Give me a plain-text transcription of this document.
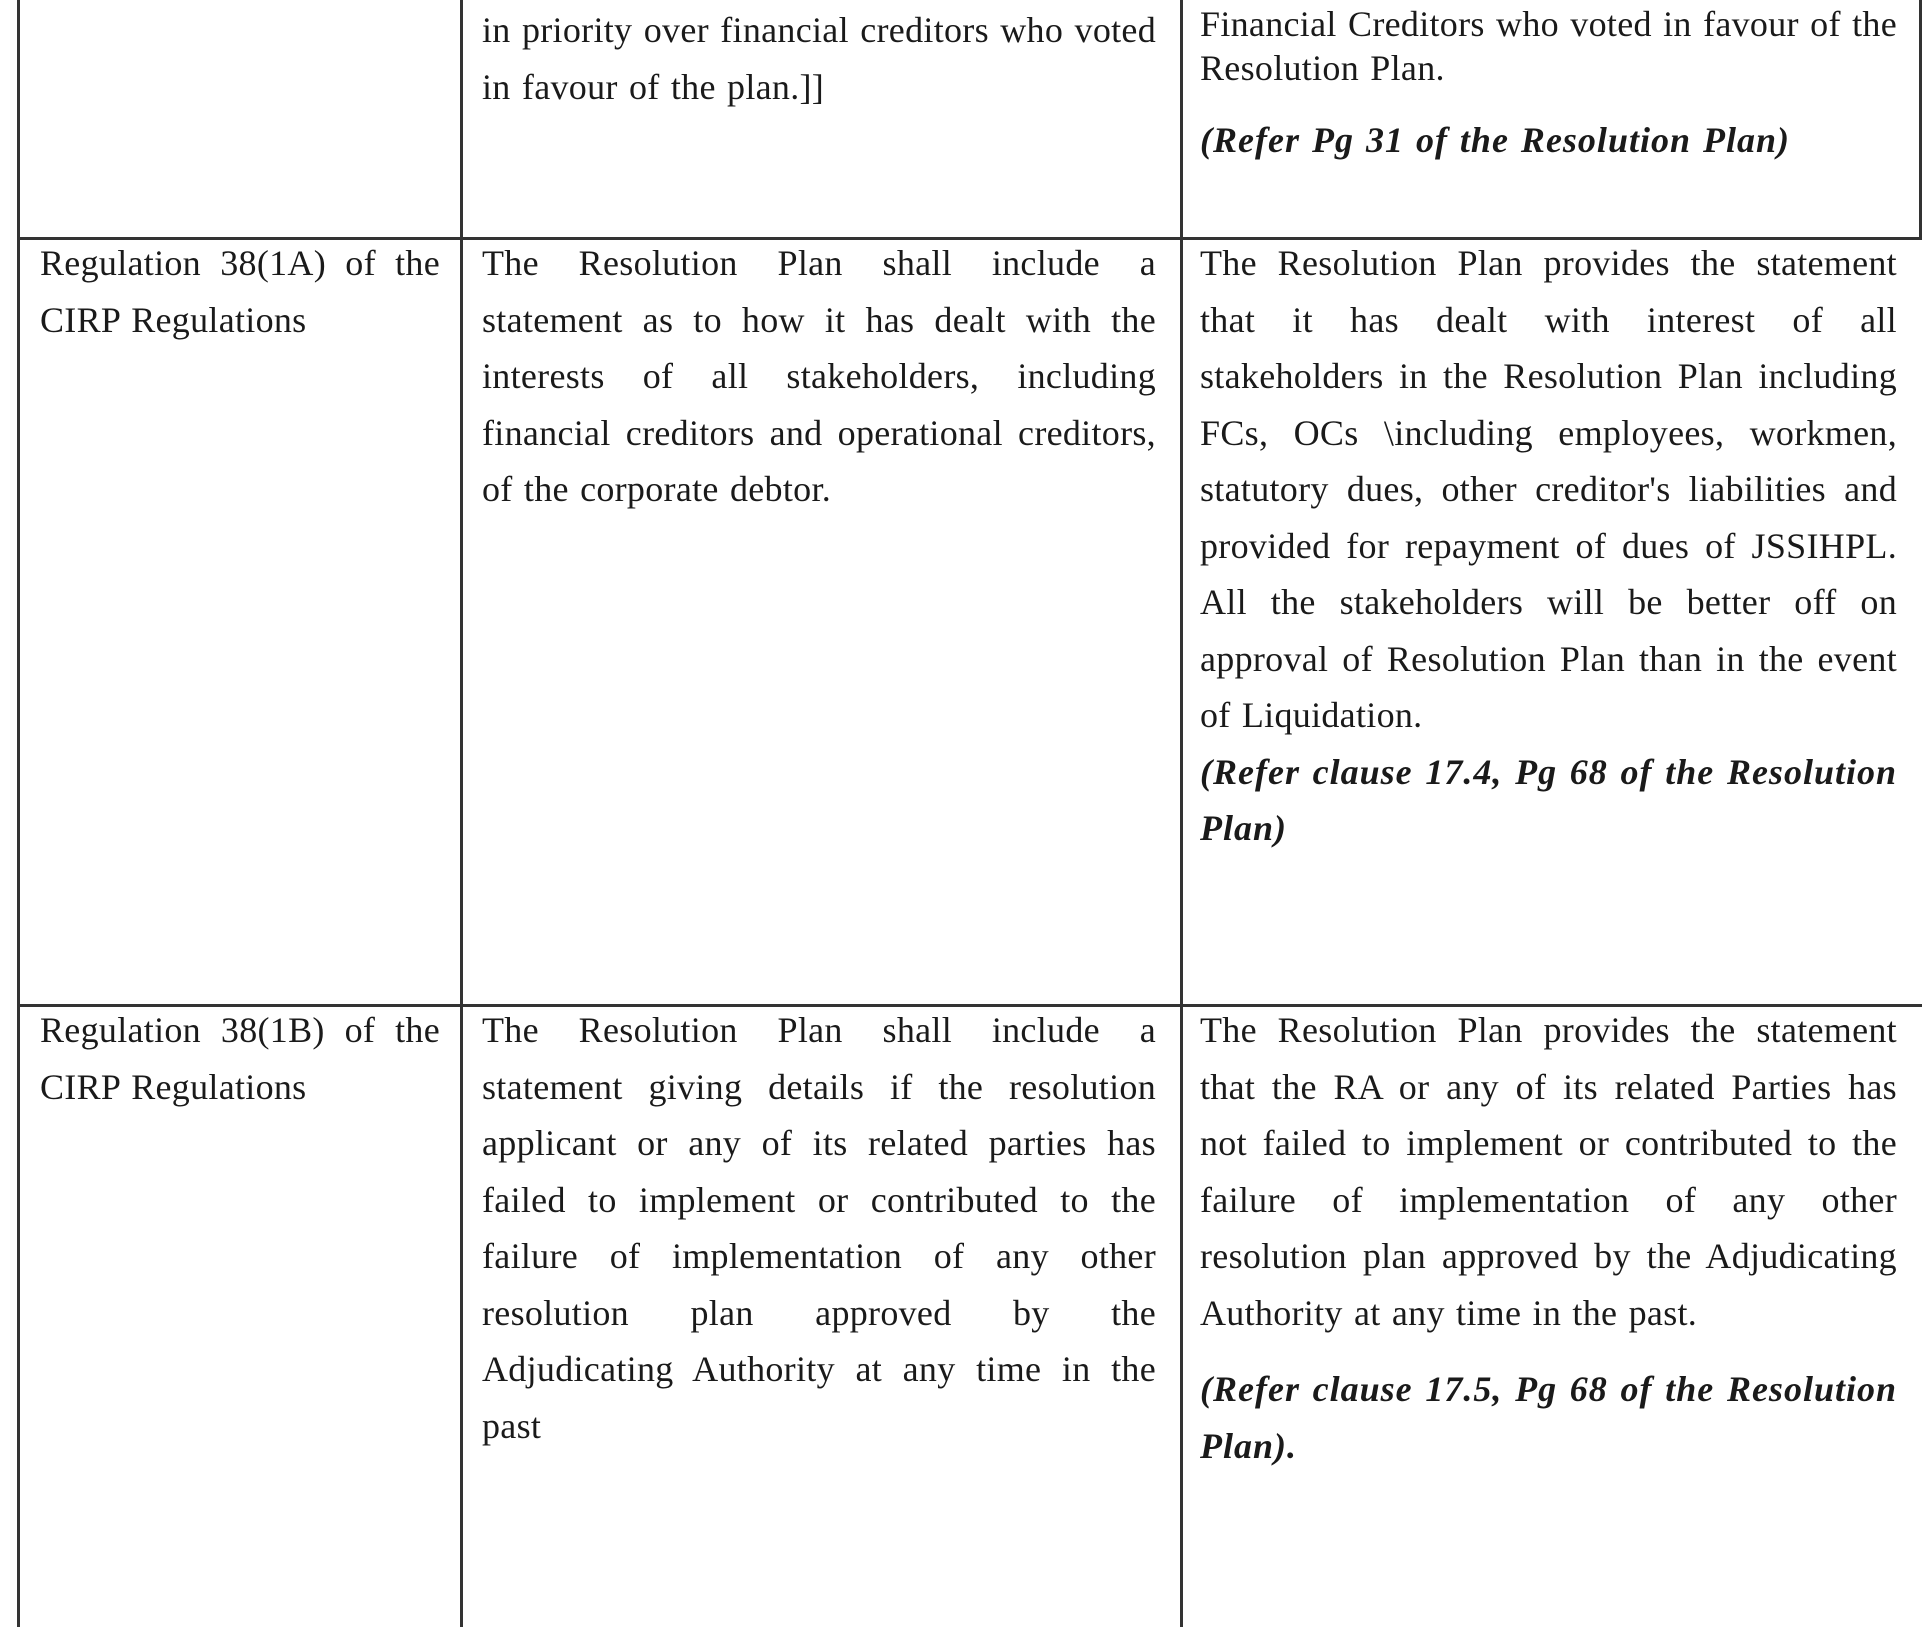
in priority over financial creditors who voted in favour of the plan.]]

Financial Creditors who voted in favour of the Resolution Plan.

(Refer Pg 31 of the Resolution Plan)

Regulation 38(1A) of the CIRP Regulations

The Resolution Plan shall include a statement as to how it has dealt with the interests of all stakeholders, including financial creditors and operational creditors, of the corporate debtor.

The Resolution Plan provides the statement that it has dealt with interest of all stakeholders in the Resolution Plan including FCs, OCs \including employees, workmen, statutory dues, other creditor's liabilities and provided for repayment of dues of JSSIHPL. All the stakeholders will be better off on approval of Resolution Plan than in the event of Liquidation.

(Refer clause 17.4, Pg 68 of the Resolution Plan)

Regulation 38(1B) of the CIRP Regulations

The Resolution Plan shall include a statement giving details if the resolution applicant or any of its related parties has failed to implement or contributed to the failure of implementation of any other resolution plan approved by the Adjudicating Authority at any time in the past

The Resolution Plan provides the statement that the RA or any of its related Parties has not failed to implement or contributed to the failure of implementation of any other resolution plan approved by the Adjudicating Authority at any time in the past.

(Refer clause 17.5, Pg 68 of the Resolution Plan).
